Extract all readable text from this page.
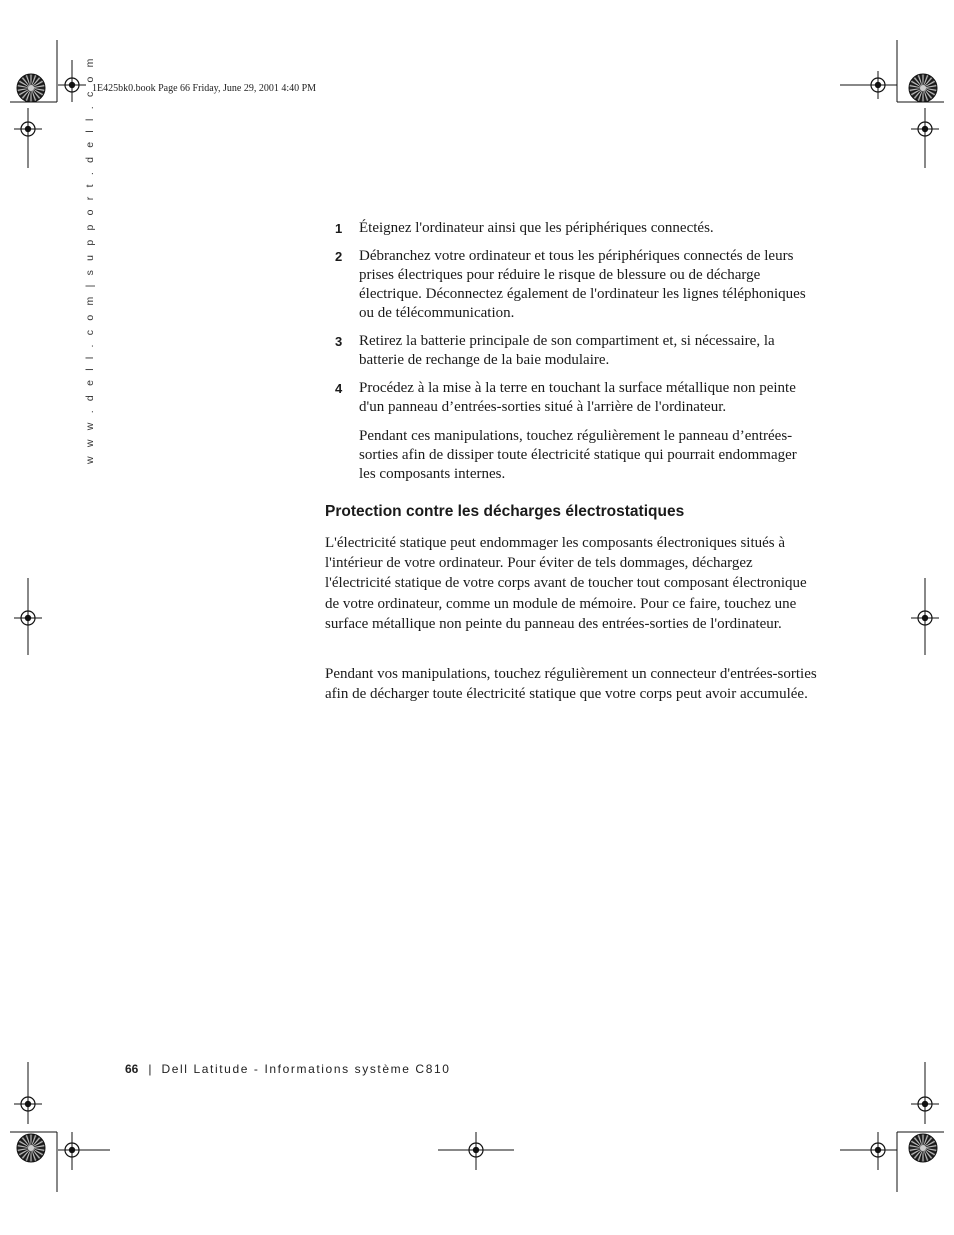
1E425bk0.book Page 66 Friday, June 29, 2001 4:40 PM
w w w . d e l l . c o m | s u p p o r t . d e l l . c o m	1 Éteignez l'ordinateur ainsi que les périphériques connectés.
2 Débranchez votre ordinateur et tous les périphériques connectés de leurs prises électriques pour réduire le risque de blessure ou de décharge électrique. Déconnectez également de l'ordinateur les lignes téléphoniques ou de télécommunication.
3 Retirez la batterie principale de son compartiment et, si nécessaire, la batterie de rechange de la baie modulaire.
4 Procédez à la mise à la terre en touchant la surface métallique non peinte d'un panneau d’entrées-sorties situé à l'arrière de l'ordinateur.
Pendant ces manipulations, touchez régulièrement le panneau d’entrées-sorties afin de dissiper toute électricité statique qui pourrait endommager les composants internes.
Protection contre les décharges électrostatiques
L'électricité statique peut endommager les composants électroniques situés à l'intérieur de votre ordinateur. Pour éviter de tels dommages, déchargez l'électricité statique de votre corps avant de toucher tout composant électronique de votre ordinateur, comme un module de mémoire. Pour ce faire, touchez une surface métallique non peinte du panneau des entrées-sorties de l'ordinateur.
Pendant vos manipulations, touchez régulièrement un connecteur d'entrées-sorties afin de décharger toute électricité statique que votre corps peut avoir accumulée.
66 | Dell Latitude - Informations système C810
